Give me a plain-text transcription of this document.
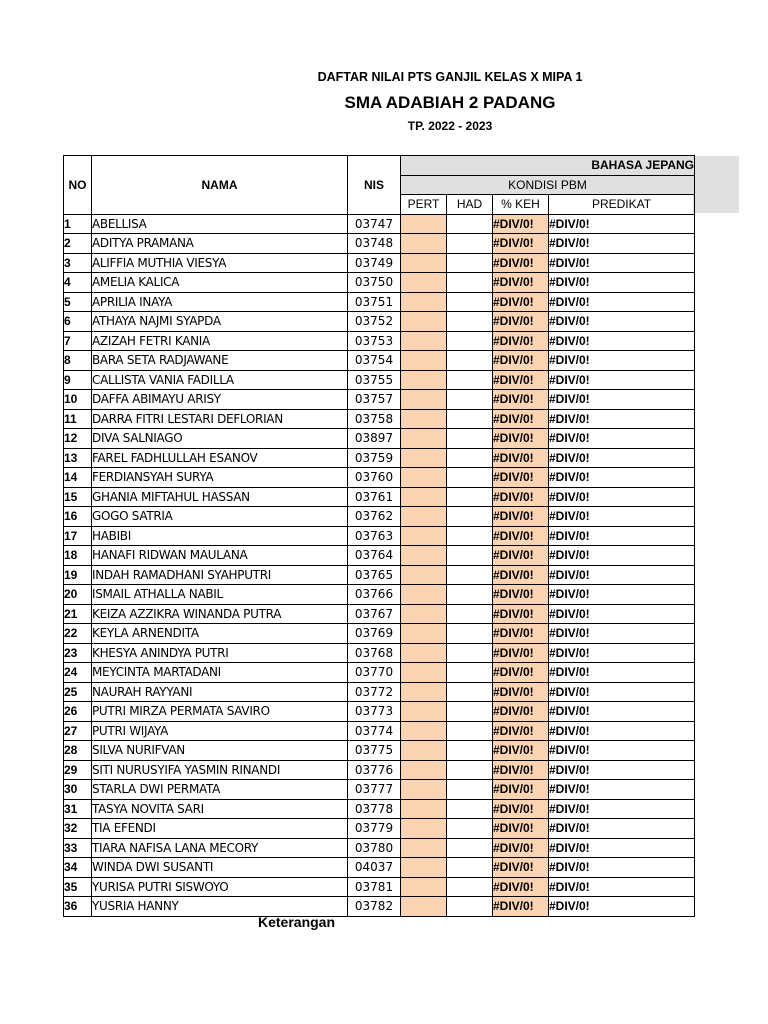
DAFTAR NILAI PTS GANJIL KELAS X MIPA 1
SMA ADABIAH 2 PADANG
TP. 2022 - 2023
NO	NAMA	NIS	BAHASA JEPANG			
			KONDISI PBM			
			PERT	HAD	% KEH	PREDIKAT
1	ABELLISA	03747			#DIV/0!	#DIV/0!
2	ADITYA PRAMANA	03748			#DIV/0!	#DIV/0!
3	ALIFFIA MUTHIA VIESYA	03749			#DIV/0!	#DIV/0!
4	AMELIA KALICA	03750			#DIV/0!	#DIV/0!
5	APRILIA INAYA	03751			#DIV/0!	#DIV/0!
6	ATHAYA NAJMI SYAPDA	03752			#DIV/0!	#DIV/0!
7	AZIZAH FETRI KANIA	03753			#DIV/0!	#DIV/0!
8	BARA SETA RADJAWANE	03754			#DIV/0!	#DIV/0!
9	CALLISTA VANIA FADILLA	03755			#DIV/0!	#DIV/0!
10	DAFFA ABIMAYU ARISY	03757			#DIV/0!	#DIV/0!
11	DARRA FITRI LESTARI DEFLORIAN	03758			#DIV/0!	#DIV/0!
12	DIVA SALNIAGO	03897			#DIV/0!	#DIV/0!
13	FAREL FADHLULLAH ESANOV	03759			#DIV/0!	#DIV/0!
14	FERDIANSYAH SURYA	03760			#DIV/0!	#DIV/0!
15	GHANIA MIFTAHUL HASSAN	03761			#DIV/0!	#DIV/0!
16	GOGO SATRIA	03762			#DIV/0!	#DIV/0!
17	HABIBI	03763			#DIV/0!	#DIV/0!
18	HANAFI RIDWAN MAULANA	03764			#DIV/0!	#DIV/0!
19	INDAH RAMADHANI SYAHPUTRI	03765			#DIV/0!	#DIV/0!
20	ISMAIL ATHALLA NABIL	03766			#DIV/0!	#DIV/0!
21	KEIZA AZZIKRA WINANDA PUTRA	03767			#DIV/0!	#DIV/0!
22	KEYLA ARNENDITA	03769			#DIV/0!	#DIV/0!
23	KHESYA ANINDYA PUTRI	03768			#DIV/0!	#DIV/0!
24	MEYCINTA MARTADANI	03770			#DIV/0!	#DIV/0!
25	NAURAH RAYYANI	03772			#DIV/0!	#DIV/0!
26	PUTRI MIRZA PERMATA SAVIRO	03773			#DIV/0!	#DIV/0!
27	PUTRI WIJAYA	03774			#DIV/0!	#DIV/0!
28	SILVA NURIFVAN	03775			#DIV/0!	#DIV/0!
29	SITI NURUSYIFA YASMIN RINANDI	03776			#DIV/0!	#DIV/0!
30	STARLA DWI PERMATA	03777			#DIV/0!	#DIV/0!
31	TASYA NOVITA SARI	03778			#DIV/0!	#DIV/0!
32	TIA EFENDI	03779			#DIV/0!	#DIV/0!
33	TIARA NAFISA LANA MECORY	03780			#DIV/0!	#DIV/0!
34	WINDA DWI SUSANTI	04037			#DIV/0!	#DIV/0!
35	YURISA PUTRI SISWOYO	03781			#DIV/0!	#DIV/0!
36	YUSRIA HANNY	03782			#DIV/0!	#DIV/0!
Keterangan
